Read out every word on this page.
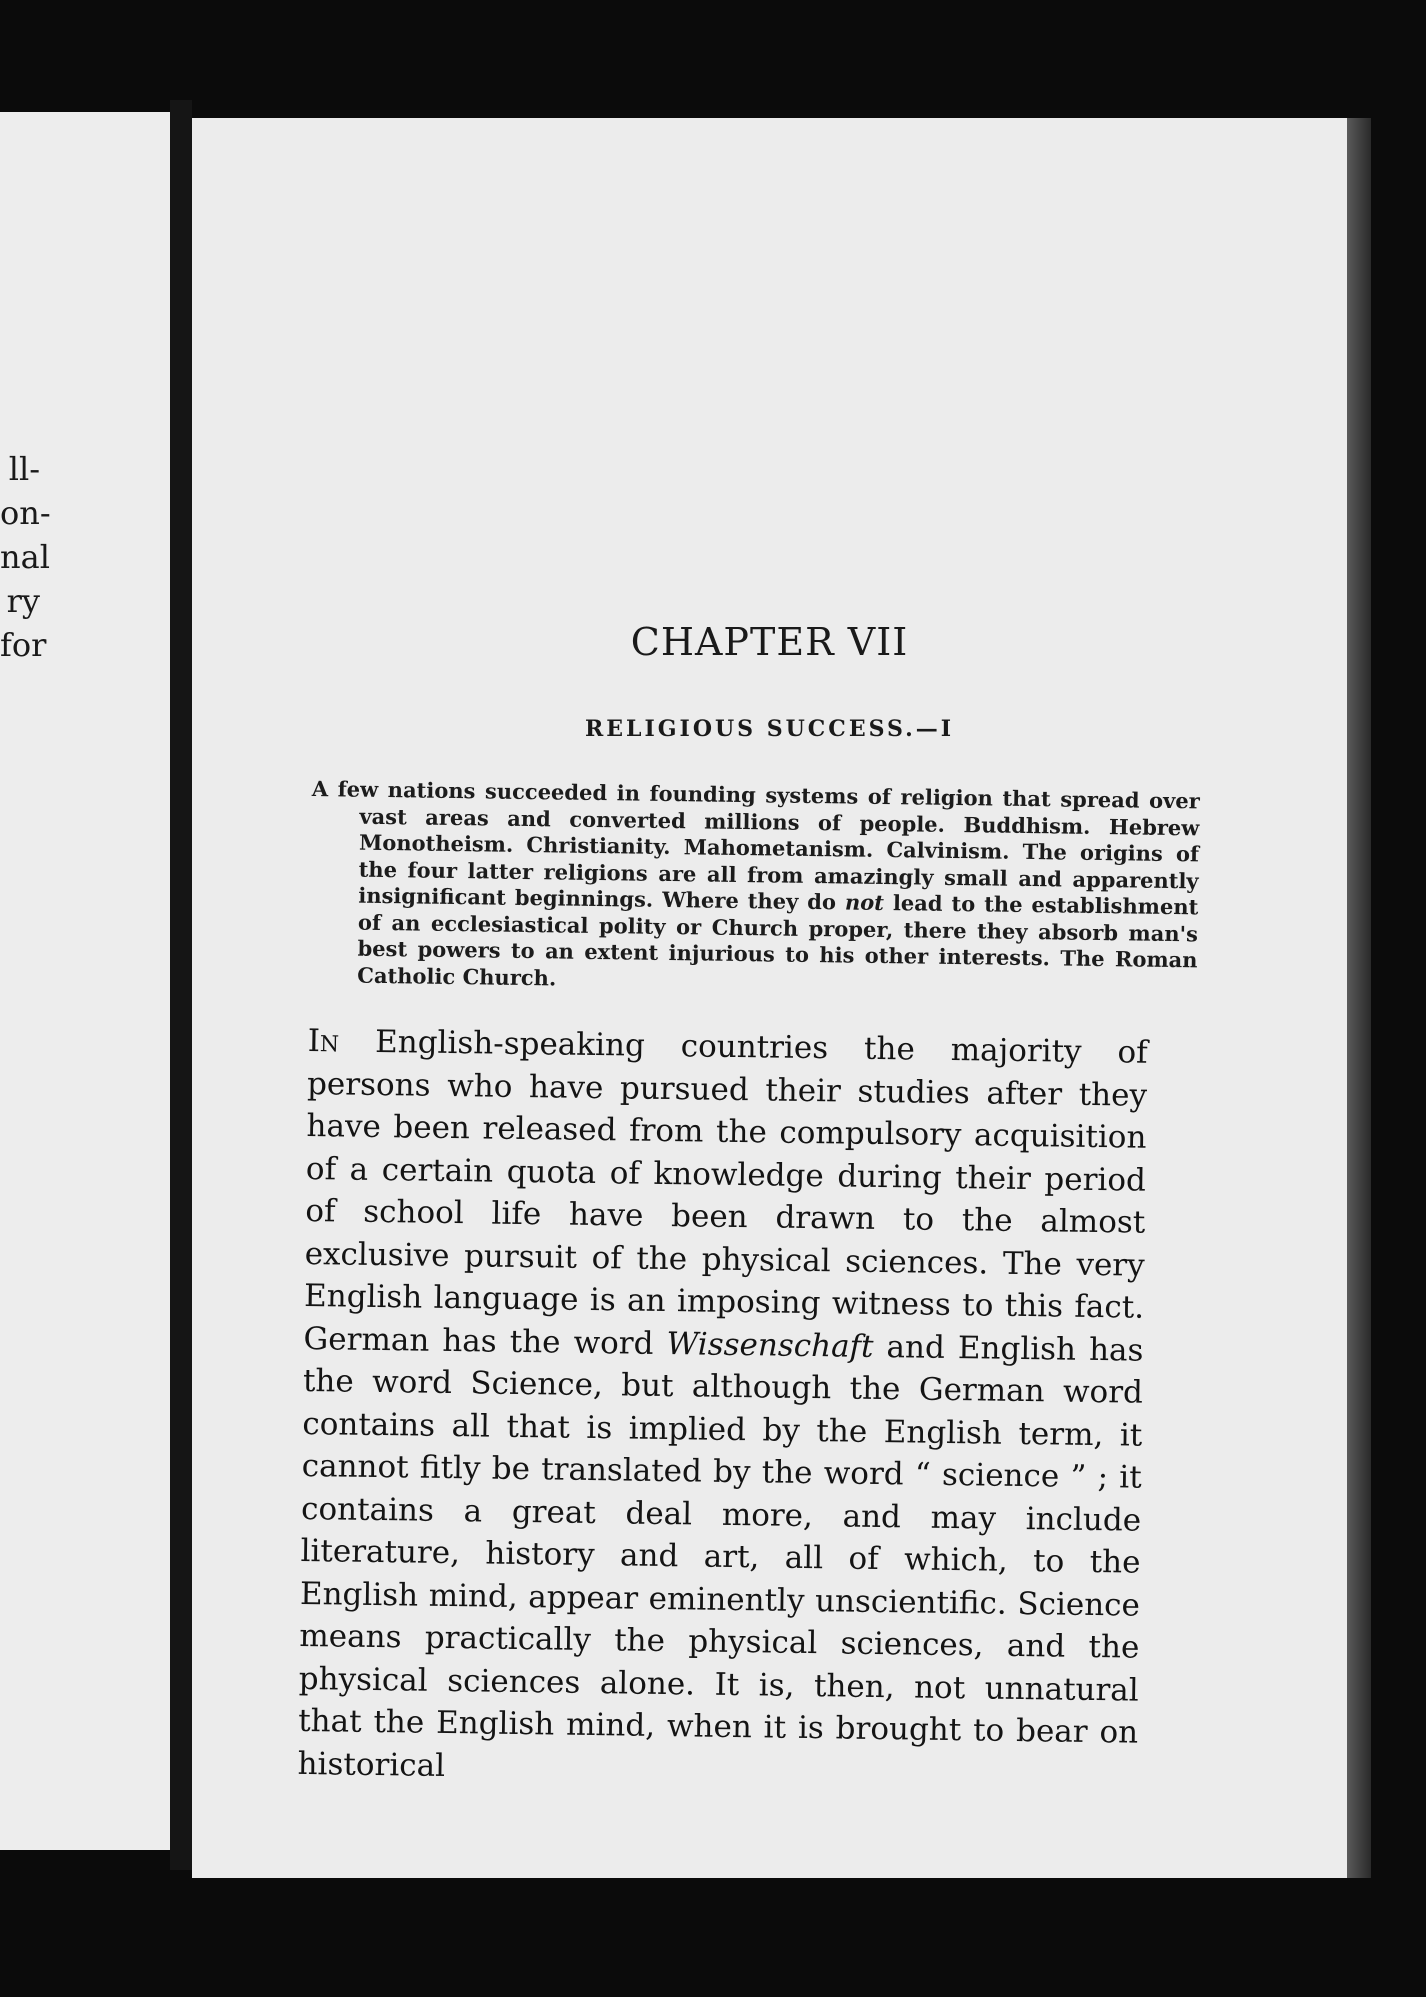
ll-
on-
nal
ry
for	CHAPTER VII
RELIGIOUS SUCCESS.—I

A few nations succeeded in founding systems of religion that spread over vast areas and converted millions of people. Buddhism. Hebrew Monotheism. Christianity. Mahometanism. Calvinism. The origins of the four latter religions are all from amazingly small and apparently insignificant beginnings. Where they do not lead to the establishment of an ecclesiastical polity or Church proper, there they absorb man's best powers to an extent injurious to his other interests. The Roman Catholic Church.

In English-speaking countries the majority of persons who have pursued their studies after they have been released from the compulsory acquisition of a certain quota of knowledge during their period of school life have been drawn to the almost exclusive pursuit of the physical sciences. The very English language is an imposing witness to this fact. German has the word Wissenschaft and English has the word Science, but although the German word contains all that is implied by the English term, it cannot fitly be translated by the word “ science ” ; it contains a great deal more, and may include literature, history and art, all of which, to the English mind, appear eminently unscientific. Science means practically the physical sciences, and the physical sciences alone. It is, then, not unnatural that the English mind, when it is brought to bear on historical
